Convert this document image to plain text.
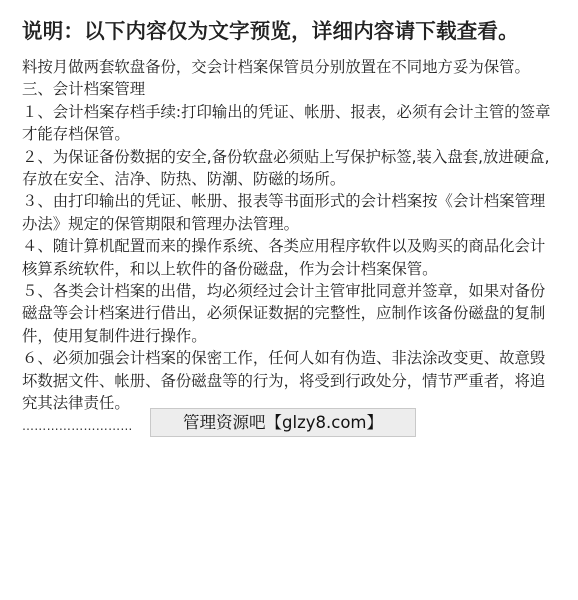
说明：以下内容仅为文字预览，详细内容请下载查看。

料按月做两套软盘备份，交会计档案保管员分别放置在不同地方妥为保管。

三、会计档案管理

１、会计档案存档手续:打印输出的凭证、帐册、报表，必须有会计主管的签章才能存档保管。

２、为保证备份数据的安全,备份软盘必须贴上写保护标签,装入盘套,放进硬盒,存放在安全、洁净、防热、防潮、防磁的场所。

３、由打印输出的凭证、帐册、报表等书面形式的会计档案按《会计档案管理办法》规定的保管期限和管理办法管理。

４、随计算机配置而来的操作系统、各类应用程序软件以及购买的商品化会计核算系统软件，和以上软件的备份磁盘，作为会计档案保管。

５、各类会计档案的出借，均必须经过会计主管审批同意并签章，如果对备份磁盘等会计档案进行借出，必须保证数据的完整性，应制作该备份磁盘的复制件，使用复制件进行操作。

６、必须加强会计档案的保密工作，任何人如有伪造、非法涂改变更、故意毁坏数据文件、帐册、备份磁盘等的行为，将受到行政处分，情节严重者，将追究其法律责任。

………………………	管理资源吧【glzy8.com】
